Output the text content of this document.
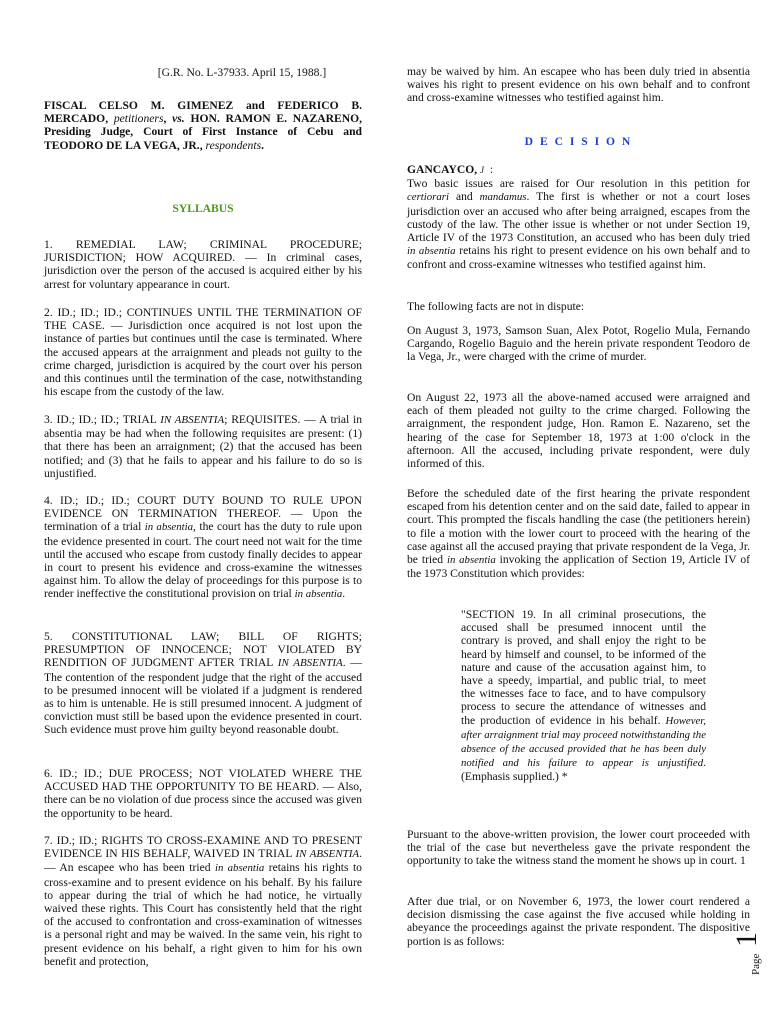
[G.R. No. L-37933. April 15, 1988.]

FISCAL CELSO M. GIMENEZ and FEDERICO B. MERCADO, petitioners, vs. HON. RAMON E. NAZARENO, Presiding Judge, Court of First Instance of Cebu and TEODORO DE LA VEGA, JR., respondents.

SYLLABUS

1. REMEDIAL LAW; CRIMINAL PROCEDURE; JURISDICTION; HOW ACQUIRED. — In criminal cases, jurisdiction over the person of the accused is acquired either by his arrest for voluntary appearance in court.

2. ID.; ID.; ID.; CONTINUES UNTIL THE TERMINATION OF THE CASE. — Jurisdiction once acquired is not lost upon the instance of parties but continues until the case is terminated. Where the accused appears at the arraignment and pleads not guilty to the crime charged, jurisdiction is acquired by the court over his person and this continues until the termination of the case, notwithstanding his escape from the custody of the law.

3. ID.; ID.; ID.; TRIAL IN ABSENTIA; REQUISITES. — A trial in absentia may be had when the following requisites are present: (1) that there has been an arraignment; (2) that the accused has been notified; and (3) that he fails to appear and his failure to do so is unjustified.

4. ID.; ID.; ID.; COURT DUTY BOUND TO RULE UPON EVIDENCE ON TERMINATION THEREOF. — Upon the termination of a trial in absentia, the court has the duty to rule upon the evidence presented in court. The court need not wait for the time until the accused who escape from custody finally decides to appear in court to present his evidence and cross-examine the witnesses against him. To allow the delay of proceedings for this purpose is to render ineffective the constitutional provision on trial in absentia.

5. CONSTITUTIONAL LAW; BILL OF RIGHTS; PRESUMPTION OF INNOCENCE; NOT VIOLATED BY RENDITION OF JUDGMENT AFTER TRIAL IN ABSENTIA. — The contention of the respondent judge that the right of the accused to be presumed innocent will be violated if a judgment is rendered as to him is untenable. He is still presumed innocent. A judgment of conviction must still be based upon the evidence presented in court. Such evidence must prove him guilty beyond reasonable doubt.

6. ID.; ID.; DUE PROCESS; NOT VIOLATED WHERE THE ACCUSED HAD THE OPPORTUNITY TO BE HEARD. — Also, there can be no violation of due process since the accused was given the opportunity to be heard.

7. ID.; ID.; RIGHTS TO CROSS-EXAMINE AND TO PRESENT EVIDENCE IN HIS BEHALF, WAIVED IN TRIAL IN ABSENTIA. — An escapee who has been tried in absentia retains his rights to cross-examine and to present evidence on his behalf. By his failure to appear during the trial of which he had notice, he virtually waived these rights. This Court has consistently held that the right of the accused to confrontation and cross-examination of witnesses is a personal right and may be waived. In the same vein, his right to present evidence on his behalf, a right given to him for his own benefit and protection,

may be waived by him. An escapee who has been duly tried in absentia waives his right to present evidence on his own behalf and to confront and cross-examine witnesses who testified against him.

D E C I S I O N

GANCAYCO, J :
Two basic issues are raised for Our resolution in this petition for certiorari and mandamus. The first is whether or not a court loses jurisdiction over an accused who after being arraigned, escapes from the custody of the law. The other issue is whether or not under Section 19, Article IV of the 1973 Constitution, an accused who has been duly tried in absentia retains his right to present evidence on his own behalf and to confront and cross-examine witnesses who testified against him.

The following facts are not in dispute:

On August 3, 1973, Samson Suan, Alex Potot, Rogelio Mula, Fernando Cargando, Rogelio Baguio and the herein private respondent Teodoro de la Vega, Jr., were charged with the crime of murder.

On August 22, 1973 all the above-named accused were arraigned and each of them pleaded not guilty to the crime charged. Following the arraignment, the respondent judge, Hon. Ramon E. Nazareno, set the hearing of the case for September 18, 1973 at 1:00 o'clock in the afternoon. All the accused, including private respondent, were duly informed of this.

Before the scheduled date of the first hearing the private respondent escaped from his detention center and on the said date, failed to appear in court. This prompted the fiscals handling the case (the petitioners herein) to file a motion with the lower court to proceed with the hearing of the case against all the accused praying that private respondent de la Vega, Jr. be tried in absentia invoking the application of Section 19, Article IV of the 1973 Constitution which provides:

"SECTION 19. In all criminal prosecutions, the accused shall be presumed innocent until the contrary is proved, and shall enjoy the right to be heard by himself and counsel, to be informed of the nature and cause of the accusation against him, to have a speedy, impartial, and public trial, to meet the witnesses face to face, and to have compulsory process to secure the attendance of witnesses and the production of evidence in his behalf. However, after arraignment trial may proceed notwithstanding the absence of the accused provided that he has been duly notified and his failure to appear is unjustified. (Emphasis supplied.) *

Pursuant to the above-written provision, the lower court proceeded with the trial of the case but nevertheless gave the private respondent the opportunity to take the witness stand the moment he shows up in court. 1

After due trial, or on November 6, 1973, the lower court rendered a decision dismissing the case against the five accused while holding in abeyance the proceedings against the private respondent. The dispositive portion is as follows:

Page
1
